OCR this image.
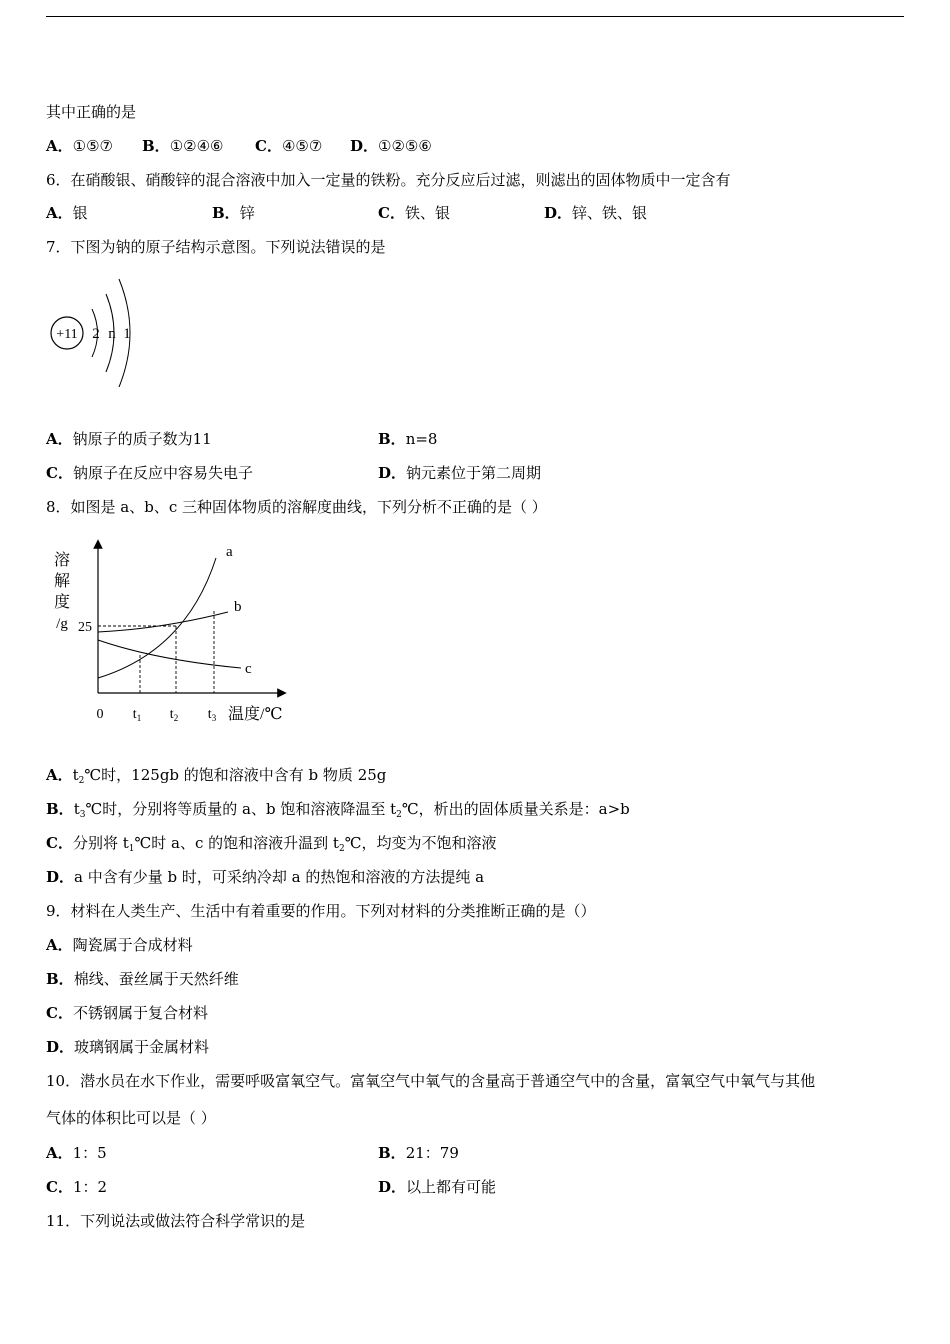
其中正确的是
A．①⑤⑦ B．①②④⑥ C．④⑤⑦ D．①②⑤⑥
6．在硝酸银、硝酸锌的混合溶液中加入一定量的铁粉。充分反应后过滤，则滤出的固体物质中一定含有
A．银	B．锌	C．铁、银	D．锌、铁、银
7．下图为钠的原子结构示意图。下列说法错误的是
+11 2 n 1
A．钠原子的质子数为11	B．n=8
C．钠原子在反应中容易失电子	D．钠元素位于第二周期
8．如图是 a、b、c 三种固体物质的溶解度曲线，下列分析不正确的是（ ）
溶
解
度
/g 25
a
b
c
0 $t_1$ $t_2$ $t_3$ 温度/℃
A．$t_2℃$时，125gb 的饱和溶液中含有 b 物质 25g
B．$t_3℃$时，分别将等质量的 a、b 饱和溶液降温至 $t_2℃$，析出的固体质量关系是：a>b
C．分别将 $t_1℃$时 a、c 的饱和溶液升温到 $t_2℃$，均变为不饱和溶液
D．a 中含有少量 b 时，可采纳冷却 a 的热饱和溶液的方法提纯 a
9．材料在人类生产、生活中有着重要的作用。下列对材料的分类推断正确的是（）
A．陶瓷属于合成材料
B．棉线、蚕丝属于天然纤维
C．不锈钢属于复合材料
D．玻璃钢属于金属材料
10．潜水员在水下作业，需要呼吸富氧空气。富氧空气中氧气的含量高于普通空气中的含量，富氧空气中氧气与其他
气体的体积比可以是（ ）
A．1：5	B．21：79
C．1：2	D．以上都有可能
11．下列说法或做法符合科学常识的是
